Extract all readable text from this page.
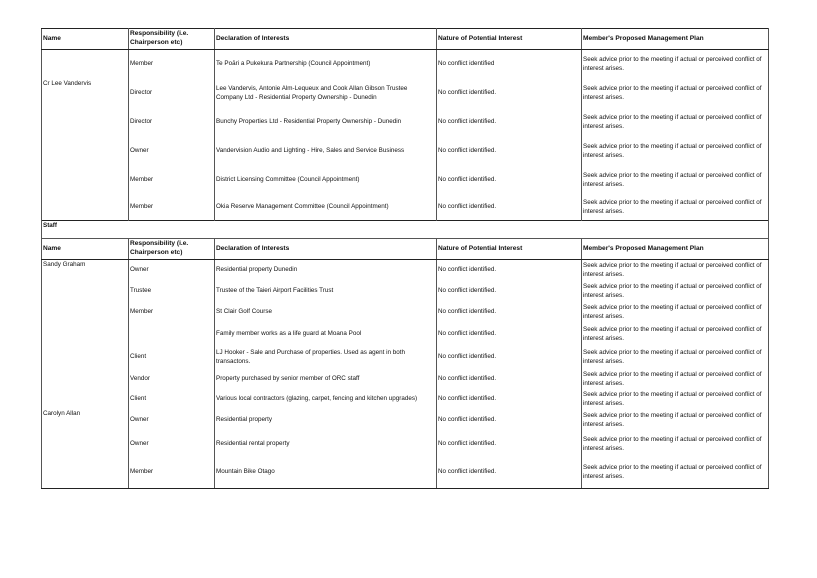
Name	Responsibility (i.e. Chairperson etc)	Declaration of Interests	Nature of Potential Interest	Member's Proposed Management Plan
	Member	Te Poāri a Pukekura Partnership (Council Appointment)	No conflict identified	Seek advice prior to the meeting if actual or perceived conflict of interest arises.
Cr Lee Vandervis	Director	Lee Vandervis, Antonie Alm-Lequeux and Cook Allan Gibson Trustee Company Ltd - Residential Property Ownership - Dunedin	No conflict identified.	Seek advice prior to the meeting if actual or perceived conflict of interest arises.
	Director	Bunchy Properties Ltd - Residential Property Ownership - Dunedin	No conflict identified.	Seek advice prior to the meeting if actual or perceived conflict of interest arises.
	Owner	Vandervision Audio and Lighting - Hire, Sales and Service Business	No conflict identified.	Seek advice prior to the meeting if actual or perceived conflict of interest arises.
	Member	District Licensing Committee (Council Appointment)	No conflict identified.	Seek advice prior to the meeting if actual or perceived conflict of interest arises.
	Member	Okia Reserve Management Committee (Council Appointment)	No conflict identified.	Seek advice prior to the meeting if actual or perceived conflict of interest arises.
Staff				
Name	Responsibility (i.e. Chairperson etc)	Declaration of Interests	Nature of Potential Interest	Member's Proposed Management Plan
Sandy Graham	Owner	Residential property Dunedin	No conflict identified.	Seek advice prior to the meeting if actual or perceived conflict of interest arises.
	Trustee	Trustee of the Taieri Airport Facilities Trust	No conflict identified.	Seek advice prior to the meeting if actual or perceived conflict of interest arises.
	Member	St Clair Golf Course	No conflict identified.	Seek advice prior to the meeting if actual or perceived conflict of interest arises.
		Family member works as a life guard at Moana Pool	No conflict identified.	Seek advice prior to the meeting if actual or perceived conflict of interest arises.
	Client	LJ Hooker - Sale and Purchase of properties. Used as agent in both transactons.	No conflict identified.	Seek advice prior to the meeting if actual or perceived conflict of interest arises.
	Vendor	Property purchased by senior member of ORC staff	No conflict identified.	Seek advice prior to the meeting if actual or perceived conflict of interest arises.
	Client	Various local contractors (glazing, carpet, fencing and kitchen upgrades)	No conflict identified.	Seek advice prior to the meeting if actual or perceived conflict of interest arises.
Carolyn Allan	Owner	Residential property	No conflict identified.	Seek advice prior to the meeting if actual or perceived conflict of interest arises.
	Owner	Residential rental property	No conflict identified.	Seek advice prior to the meeting if actual or perceived conflict of interest arises.
	Member	Mountain Bike Otago	No conflict identified.	Seek advice prior to the meeting if actual or perceived conflict of interest arises.
